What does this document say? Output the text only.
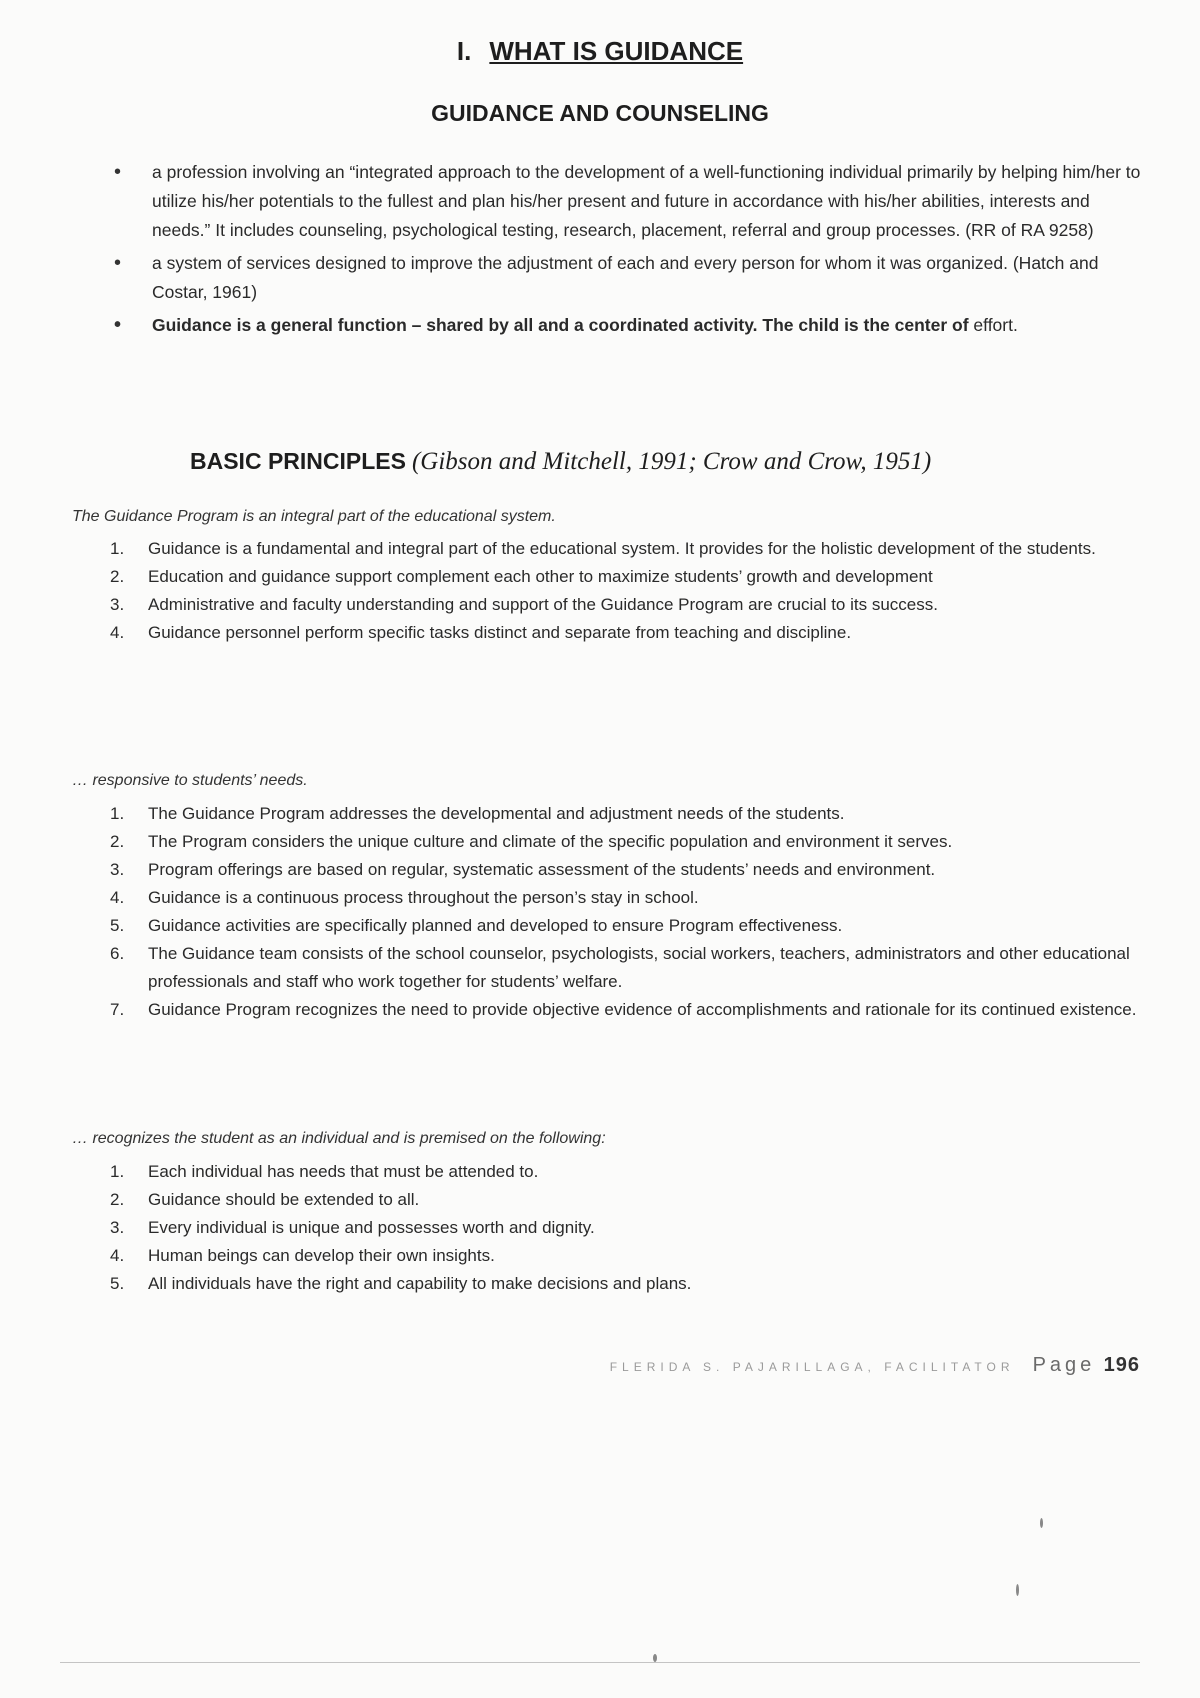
I. WHAT IS GUIDANCE
GUIDANCE AND COUNSELING
• a profession involving an “integrated approach to the development of a well-functioning individual primarily by helping him/her to utilize his/her potentials to the fullest and plan his/her present and future in accordance with his/her abilities, interests and needs.” It includes counseling, psychological testing, research, placement, referral and group processes. (RR of RA 9258)
• a system of services designed to improve the adjustment of each and every person for whom it was organized. (Hatch and Costar, 1961)
• Guidance is a general function – shared by all and a coordinated activity. The child is the center of effort.
BASIC PRINCIPLES (Gibson and Mitchell, 1991; Crow and Crow, 1951)
The Guidance Program is an integral part of the educational system.
1. Guidance is a fundamental and integral part of the educational system. It provides for the holistic development of the students.
2. Education and guidance support complement each other to maximize students’ growth and development
3. Administrative and faculty understanding and support of the Guidance Program are crucial to its success.
4. Guidance personnel perform specific tasks distinct and separate from teaching and discipline.
… responsive to students’ needs.
1. The Guidance Program addresses the developmental and adjustment needs of the students.
2. The Program considers the unique culture and climate of the specific population and environment it serves.
3. Program offerings are based on regular, systematic assessment of the students’ needs and environment.
4. Guidance is a continuous process throughout the person’s stay in school.
5. Guidance activities are specifically planned and developed to ensure Program effectiveness.
6. The Guidance team consists of the school counselor, psychologists, social workers, teachers, administrators and other educational professionals and staff who work together for students’ welfare.
7. Guidance Program recognizes the need to provide objective evidence of accomplishments and rationale for its continued existence.
… recognizes the student as an individual and is premised on the following:
1. Each individual has needs that must be attended to.
2. Guidance should be extended to all.
3. Every individual is unique and possesses worth and dignity.
4. Human beings can develop their own insights.
5. All individuals have the right and capability to make decisions and plans.
FLERIDA S. PAJARILLAGA, FACILITATOR Page 196
